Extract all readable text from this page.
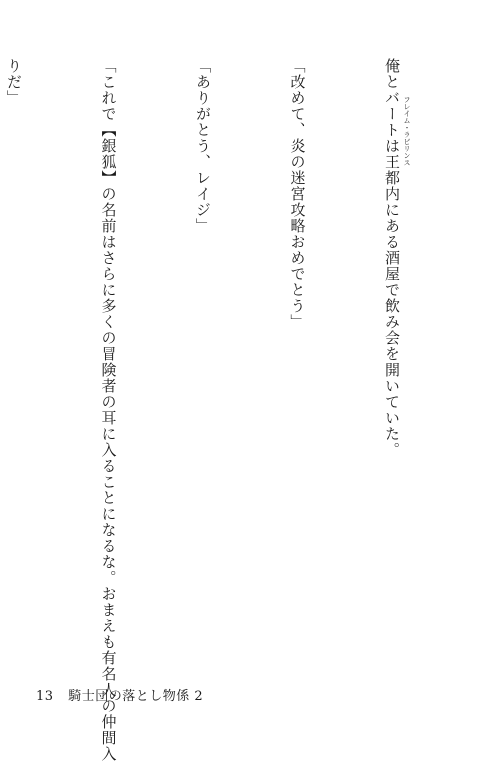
俺とバートは王都内にある酒屋で飲み会を開いていた。

「改めて、炎の迷宮攻略おめでとう」

「ありがとう、レイジ」

「これで【銀狐】の名前はさらに多くの冒険者の耳に入ることになるな。おまえも有名人の仲間入

りだ」

フレイム・ラビリンス
13 騎士団の落とし物係 2
